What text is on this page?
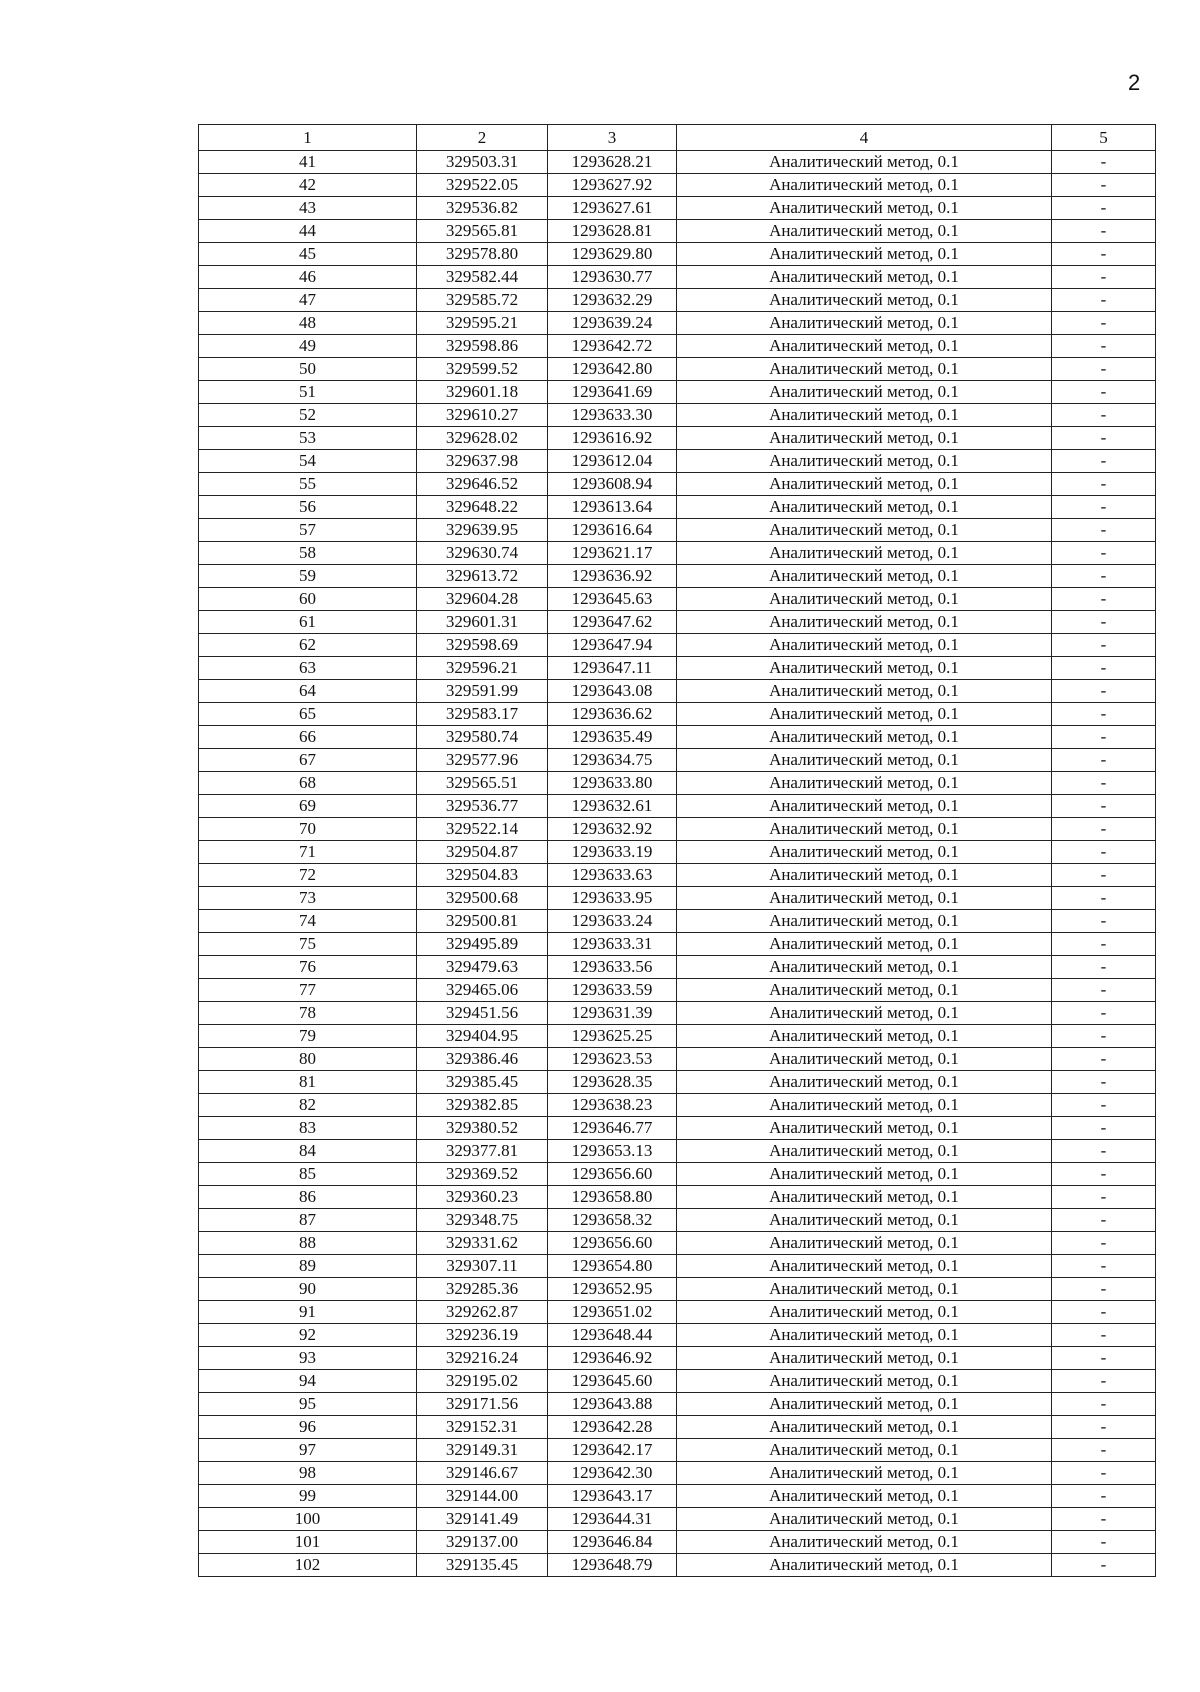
2
1	2	3	4	5
41	329503.31	1293628.21	Аналитический метод, 0.1	-
42	329522.05	1293627.92	Аналитический метод, 0.1	-
43	329536.82	1293627.61	Аналитический метод, 0.1	-
44	329565.81	1293628.81	Аналитический метод, 0.1	-
45	329578.80	1293629.80	Аналитический метод, 0.1	-
46	329582.44	1293630.77	Аналитический метод, 0.1	-
47	329585.72	1293632.29	Аналитический метод, 0.1	-
48	329595.21	1293639.24	Аналитический метод, 0.1	-
49	329598.86	1293642.72	Аналитический метод, 0.1	-
50	329599.52	1293642.80	Аналитический метод, 0.1	-
51	329601.18	1293641.69	Аналитический метод, 0.1	-
52	329610.27	1293633.30	Аналитический метод, 0.1	-
53	329628.02	1293616.92	Аналитический метод, 0.1	-
54	329637.98	1293612.04	Аналитический метод, 0.1	-
55	329646.52	1293608.94	Аналитический метод, 0.1	-
56	329648.22	1293613.64	Аналитический метод, 0.1	-
57	329639.95	1293616.64	Аналитический метод, 0.1	-
58	329630.74	1293621.17	Аналитический метод, 0.1	-
59	329613.72	1293636.92	Аналитический метод, 0.1	-
60	329604.28	1293645.63	Аналитический метод, 0.1	-
61	329601.31	1293647.62	Аналитический метод, 0.1	-
62	329598.69	1293647.94	Аналитический метод, 0.1	-
63	329596.21	1293647.11	Аналитический метод, 0.1	-
64	329591.99	1293643.08	Аналитический метод, 0.1	-
65	329583.17	1293636.62	Аналитический метод, 0.1	-
66	329580.74	1293635.49	Аналитический метод, 0.1	-
67	329577.96	1293634.75	Аналитический метод, 0.1	-
68	329565.51	1293633.80	Аналитический метод, 0.1	-
69	329536.77	1293632.61	Аналитический метод, 0.1	-
70	329522.14	1293632.92	Аналитический метод, 0.1	-
71	329504.87	1293633.19	Аналитический метод, 0.1	-
72	329504.83	1293633.63	Аналитический метод, 0.1	-
73	329500.68	1293633.95	Аналитический метод, 0.1	-
74	329500.81	1293633.24	Аналитический метод, 0.1	-
75	329495.89	1293633.31	Аналитический метод, 0.1	-
76	329479.63	1293633.56	Аналитический метод, 0.1	-
77	329465.06	1293633.59	Аналитический метод, 0.1	-
78	329451.56	1293631.39	Аналитический метод, 0.1	-
79	329404.95	1293625.25	Аналитический метод, 0.1	-
80	329386.46	1293623.53	Аналитический метод, 0.1	-
81	329385.45	1293628.35	Аналитический метод, 0.1	-
82	329382.85	1293638.23	Аналитический метод, 0.1	-
83	329380.52	1293646.77	Аналитический метод, 0.1	-
84	329377.81	1293653.13	Аналитический метод, 0.1	-
85	329369.52	1293656.60	Аналитический метод, 0.1	-
86	329360.23	1293658.80	Аналитический метод, 0.1	-
87	329348.75	1293658.32	Аналитический метод, 0.1	-
88	329331.62	1293656.60	Аналитический метод, 0.1	-
89	329307.11	1293654.80	Аналитический метод, 0.1	-
90	329285.36	1293652.95	Аналитический метод, 0.1	-
91	329262.87	1293651.02	Аналитический метод, 0.1	-
92	329236.19	1293648.44	Аналитический метод, 0.1	-
93	329216.24	1293646.92	Аналитический метод, 0.1	-
94	329195.02	1293645.60	Аналитический метод, 0.1	-
95	329171.56	1293643.88	Аналитический метод, 0.1	-
96	329152.31	1293642.28	Аналитический метод, 0.1	-
97	329149.31	1293642.17	Аналитический метод, 0.1	-
98	329146.67	1293642.30	Аналитический метод, 0.1	-
99	329144.00	1293643.17	Аналитический метод, 0.1	-
100	329141.49	1293644.31	Аналитический метод, 0.1	-
101	329137.00	1293646.84	Аналитический метод, 0.1	-
102	329135.45	1293648.79	Аналитический метод, 0.1	-
